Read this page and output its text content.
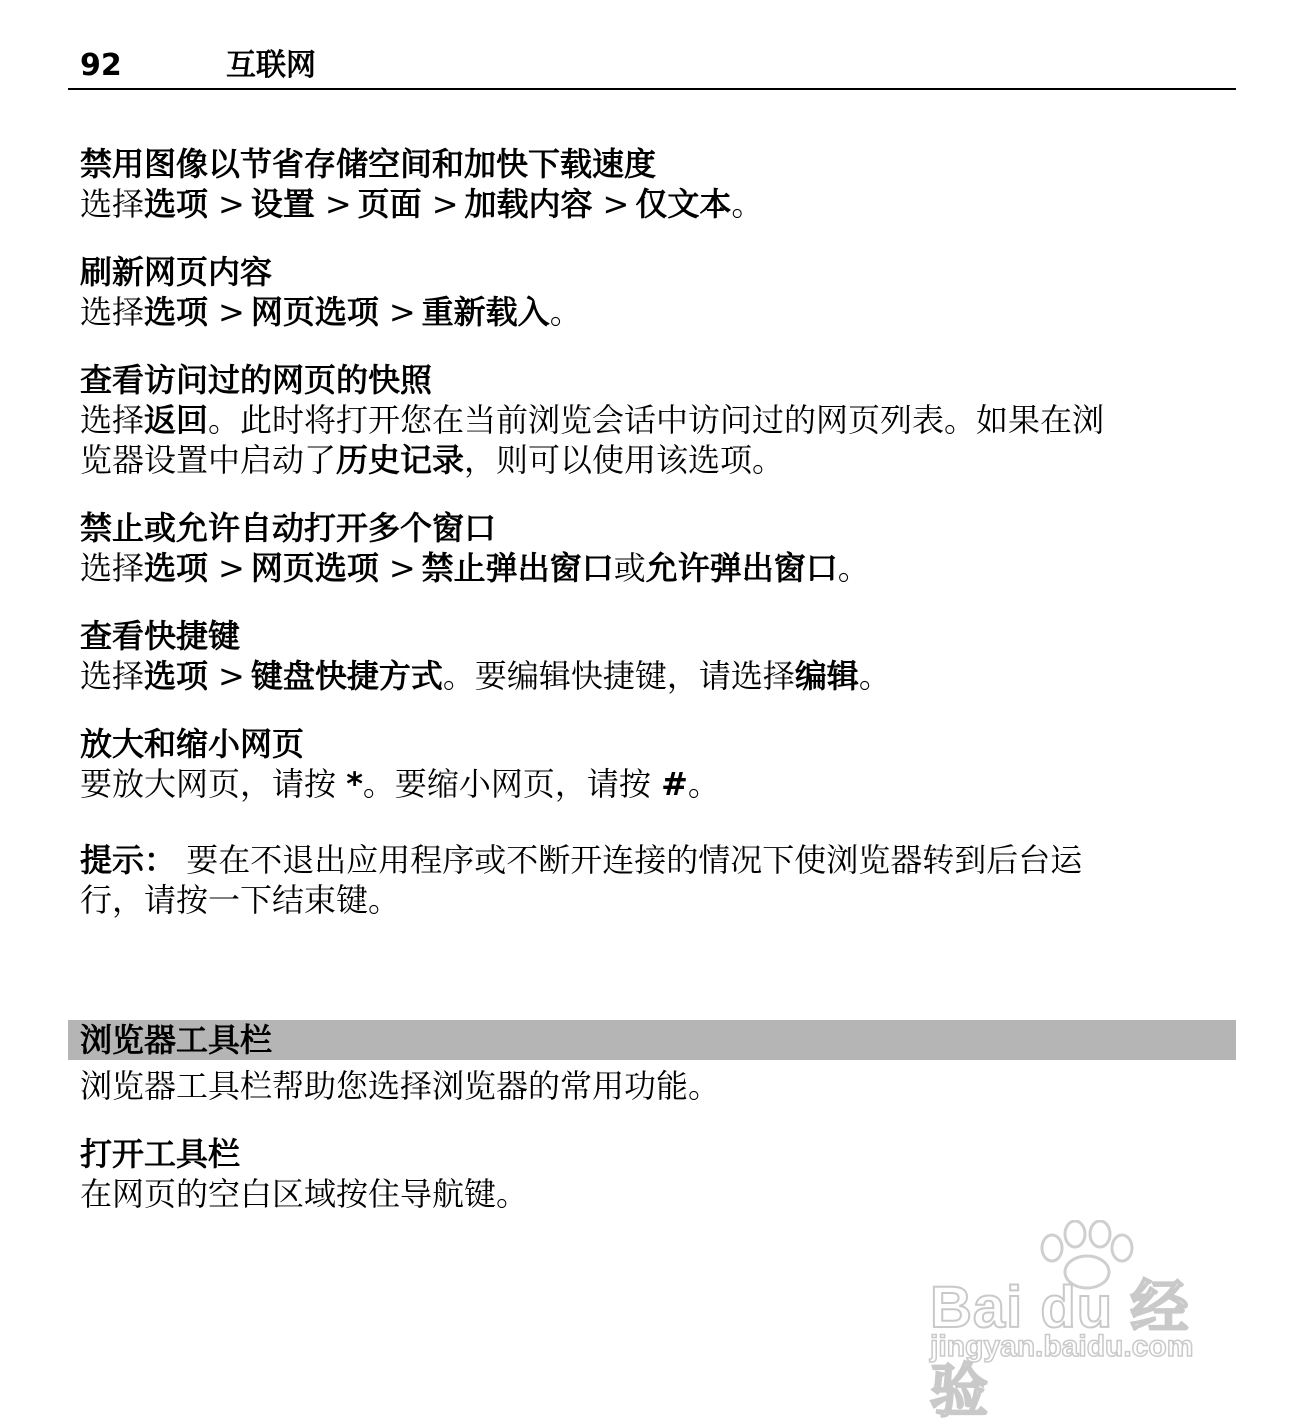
92	互联网

禁用图像以节省存储空间和加快下载速度

选择选项 > 设置 > 页面 > 加载内容 > 仅文本。

刷新网页内容

选择选项 > 网页选项 > 重新载入。

查看访问过的网页的快照

选择返回。此时将打开您在当前浏览会话中访问过的网页列表。如果在浏
览器设置中启动了历史记录，则可以使用该选项。

禁止或允许自动打开多个窗口

选择选项 > 网页选项 > 禁止弹出窗口或允许弹出窗口。

查看快捷键

选择选项 > 键盘快捷方式。要编辑快捷键，请选择编辑。

放大和缩小网页

要放大网页，请按 *。要缩小网页，请按 #。

提示： 要在不退出应用程序或不断开连接的情况下使浏览器转到后台运
行，请按一下结束键。
浏览器工具栏

浏览器工具栏帮助您选择浏览器的常用功能。

打开工具栏

在网页的空白区域按住导航键。

Bai du 经验
jingyan.baidu.com
